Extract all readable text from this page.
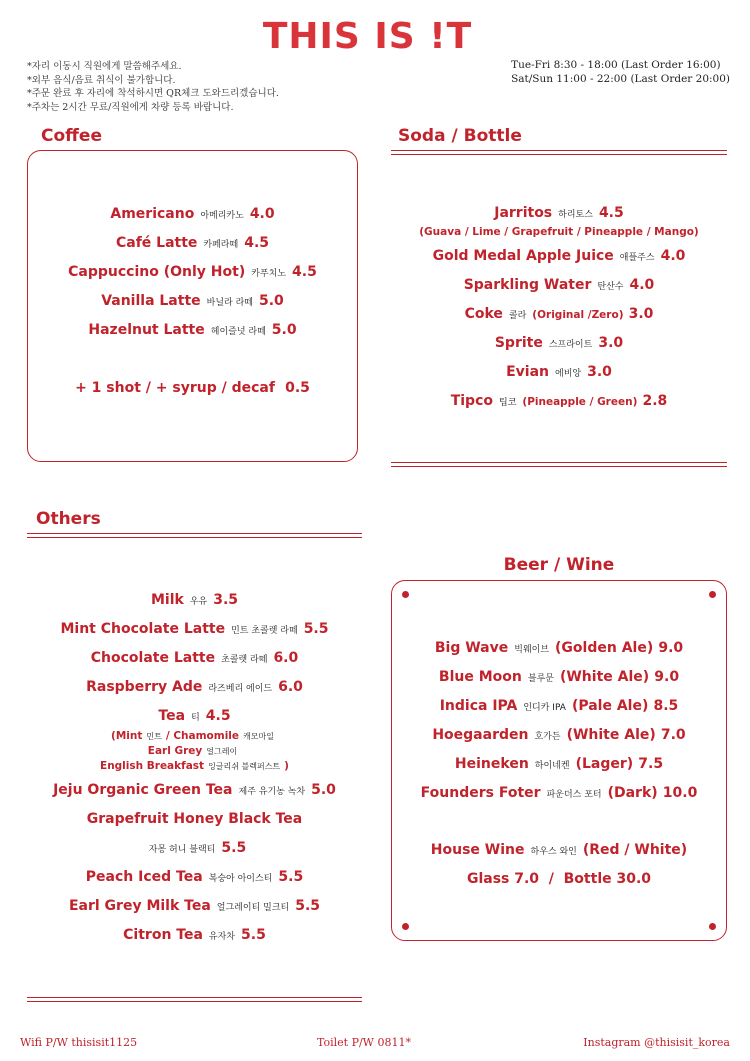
THIS IS !T
*자리 이동시 직원에게 말씀해주세요.
*외부 음식/음료 취식이 불가합니다.
*주문 완료 후 자리에 착석하시면 QR체크 도와드리겠습니다.
*주차는 2시간 무료/직원에게 차량 등록 바랍니다.
Tue-Fri 8:30 - 18:00 (Last Order 16:00)
Sat/Sun 11:00 - 22:00 (Last Order 20:00)
Coffee
Americano 아메리카노 4.0
Café Latte 카페라떼 4.5
Cappuccino (Only Hot) 카푸치노 4.5
Vanilla Latte 바닐라 라떼 5.0
Hazelnut Latte 헤이즐넛 라떼 5.0
+ 1 shot / + syrup / decaf 0.5
Soda / Bottle
Jarritos 하리토스 4.5
(Guava / Lime / Grapefruit / Pineapple / Mango)
Gold Medal Apple Juice 애플주스 4.0
Sparkling Water 탄산수 4.0
Coke 콜라 (Original /Zero) 3.0
Sprite 스프라이트 3.0
Evian 에비앙 3.0
Tipco 팁코 (Pineapple / Green) 2.8
Others
Milk 우유 3.5
Mint Chocolate Latte 민트 초콜렛 라떼 5.5
Chocolate Latte 초콜렛 라떼 6.0
Raspberry Ade 라즈베리 에이드 6.0
Tea 티 4.5
(Mint 민트 / Chamomile 캐모마일
Earl Grey 얼그레이
English Breakfast 잉글리쉬 블렉퍼스트 )
Jeju Organic Green Tea 제주 유기농 녹차 5.0
Grapefruit Honey Black Tea
자몽 허니 블랙티 5.5
Peach Iced Tea 복숭아 아이스티 5.5
Earl Grey Milk Tea 얼그레이티 밀크티 5.5
Citron Tea 유자차 5.5
Beer / Wine
Big Wave 빅웨이브 (Golden Ale) 9.0
Blue Moon 블루문 (White Ale) 9.0
Indica IPA 인디카 IPA (Pale Ale) 8.5
Hoegaarden 호가든 (White Ale) 7.0
Heineken 하이네켄 (Lager) 7.5
Founders Foter 파운더스 포터 (Dark) 10.0
House Wine 하우스 와인 (Red / White)
Glass 7.0  /  Bottle 30.0
Wifi P/W thisisit1125	Toilet P/W 0811*	Instagram @thisisit_korea
